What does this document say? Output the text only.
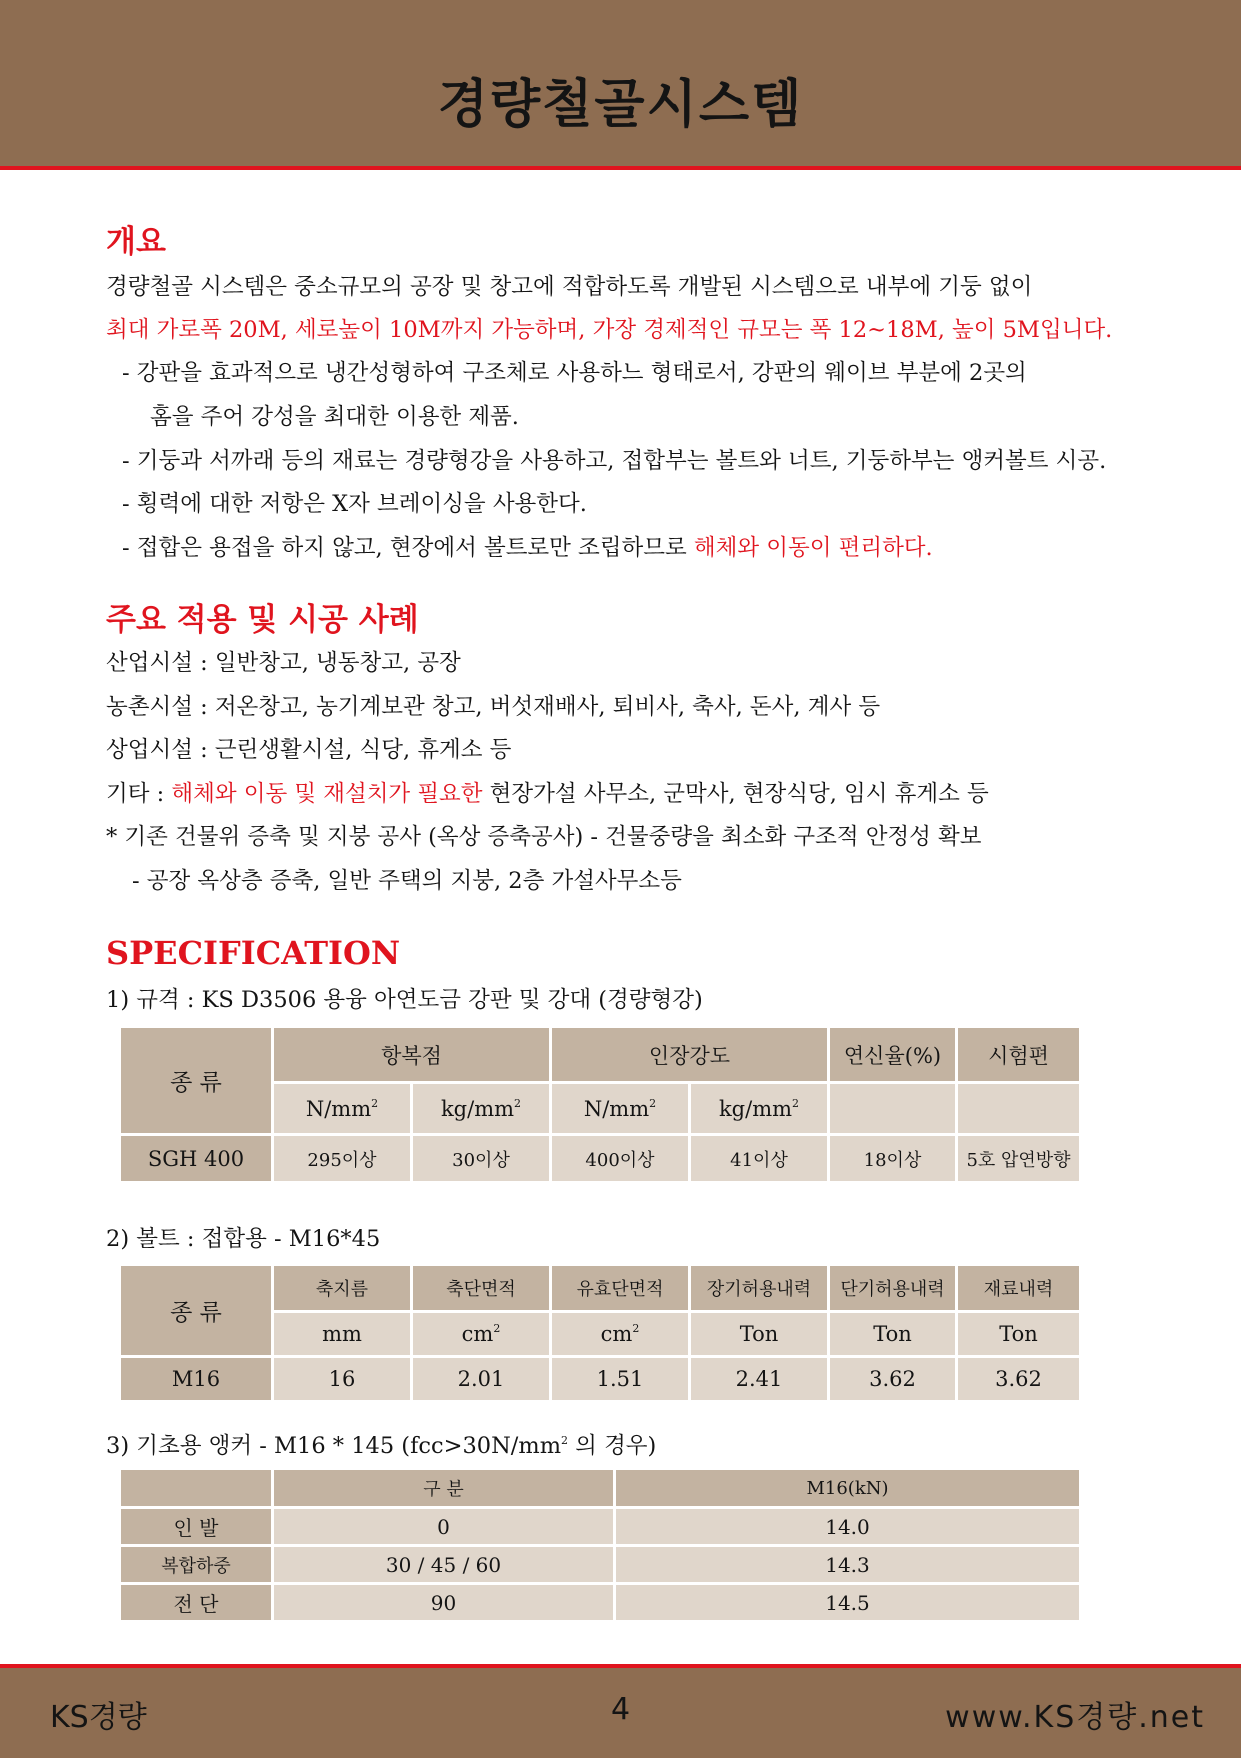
경량철골시스템
개요
경량철골 시스템은 중소규모의 공장 및 창고에 적합하도록 개발된 시스템으로 내부에 기둥 없이
최대 가로폭 20M, 세로높이 10M까지 가능하며, 가장 경제적인 규모는 폭 12~18M, 높이 5M입니다.
- 강판을 효과적으로 냉간성형하여 구조체로 사용하느 형태로서, 강판의 웨이브 부분에 2곳의
홈을 주어 강성을 최대한 이용한 제품.
- 기둥과 서까래 등의 재료는 경량형강을 사용하고, 접합부는 볼트와 너트, 기둥하부는 앵커볼트 시공.
- 횡력에 대한 저항은 X자 브레이싱을 사용한다.
- 접합은 용접을 하지 않고, 현장에서 볼트로만 조립하므로 해체와 이동이 편리하다.
주요 적용 및 시공 사례
산업시설 : 일반창고, 냉동창고, 공장
농촌시설 : 저온창고, 농기계보관 창고, 버섯재배사, 퇴비사, 축사, 돈사, 계사 등
상업시설 : 근린생활시설, 식당, 휴게소 등
기타 : 해체와 이동 및 재설치가 필요한 현장가설 사무소, 군막사, 현장식당, 임시 휴게소 등
* 기존 건물위 증축 및 지붕 공사 (옥상 증축공사) - 건물중량을 최소화 구조적 안정성 확보
- 공장 옥상층 증축, 일반 주택의 지붕, 2층 가설사무소등
SPECIFICATION
1) 규격 : KS D3506 용융 아연도금 강판 및 강대 (경량형강)
종 류	항복점		인장강도		연신율(%)	시험편
	$N/mm^2$	$kg/mm^2$	$N/mm^2$	$kg/mm^2$		
SGH 400	295이상	30이상	400이상	41이상	18이상	5호 압연방향
2) 볼트 : 접합용 - M16*45
종 류	축지름	축단면적	유효단면적	장기허용내력	단기허용내력	재료내력
	mm	$cm^2$	$cm^2$	Ton	Ton	Ton
M16	16	2.01	1.51	2.41	3.62	3.62
3) 기초용 앵커 - M16 * 145 ($fcc>30N/mm^2$ 의 경우)
	구 분	M16(kN)
인 발	0	14.0
복합하중	30 / 45 / 60	14.3
전 단	90	14.5
KS경량	4	www.KS경량.net
